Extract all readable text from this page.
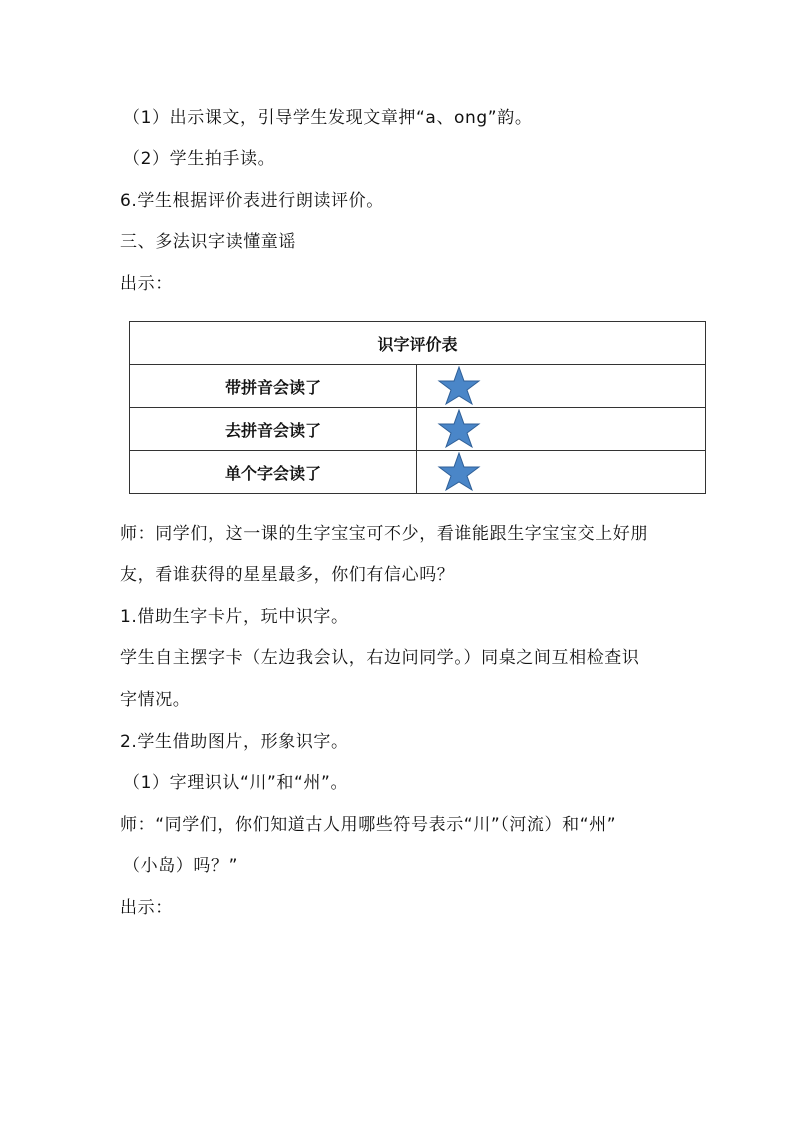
（1）出示课文，引导学生发现文章押“a、ong”韵。
（2）学生拍手读。
6.学生根据评价表进行朗读评价。
三、多法识字读懂童谣
出示：
识字评价表	
带拼音会读了	

去拼音会读了	

单个字会读了	
师：同学们，这一课的生字宝宝可不少，看谁能跟生字宝宝交上好朋
友，看谁获得的星星最多，你们有信心吗？
1.借助生字卡片，玩中识字。
学生自主摆字卡（左边我会认，右边问同学。）同桌之间互相检查识
字情况。
2.学生借助图片，形象识字。
（1）字理识认“川”和“州”。
师：“同学们，你们知道古人用哪些符号表示“川”（河流）和“州”
（小岛）吗？”
出示：
